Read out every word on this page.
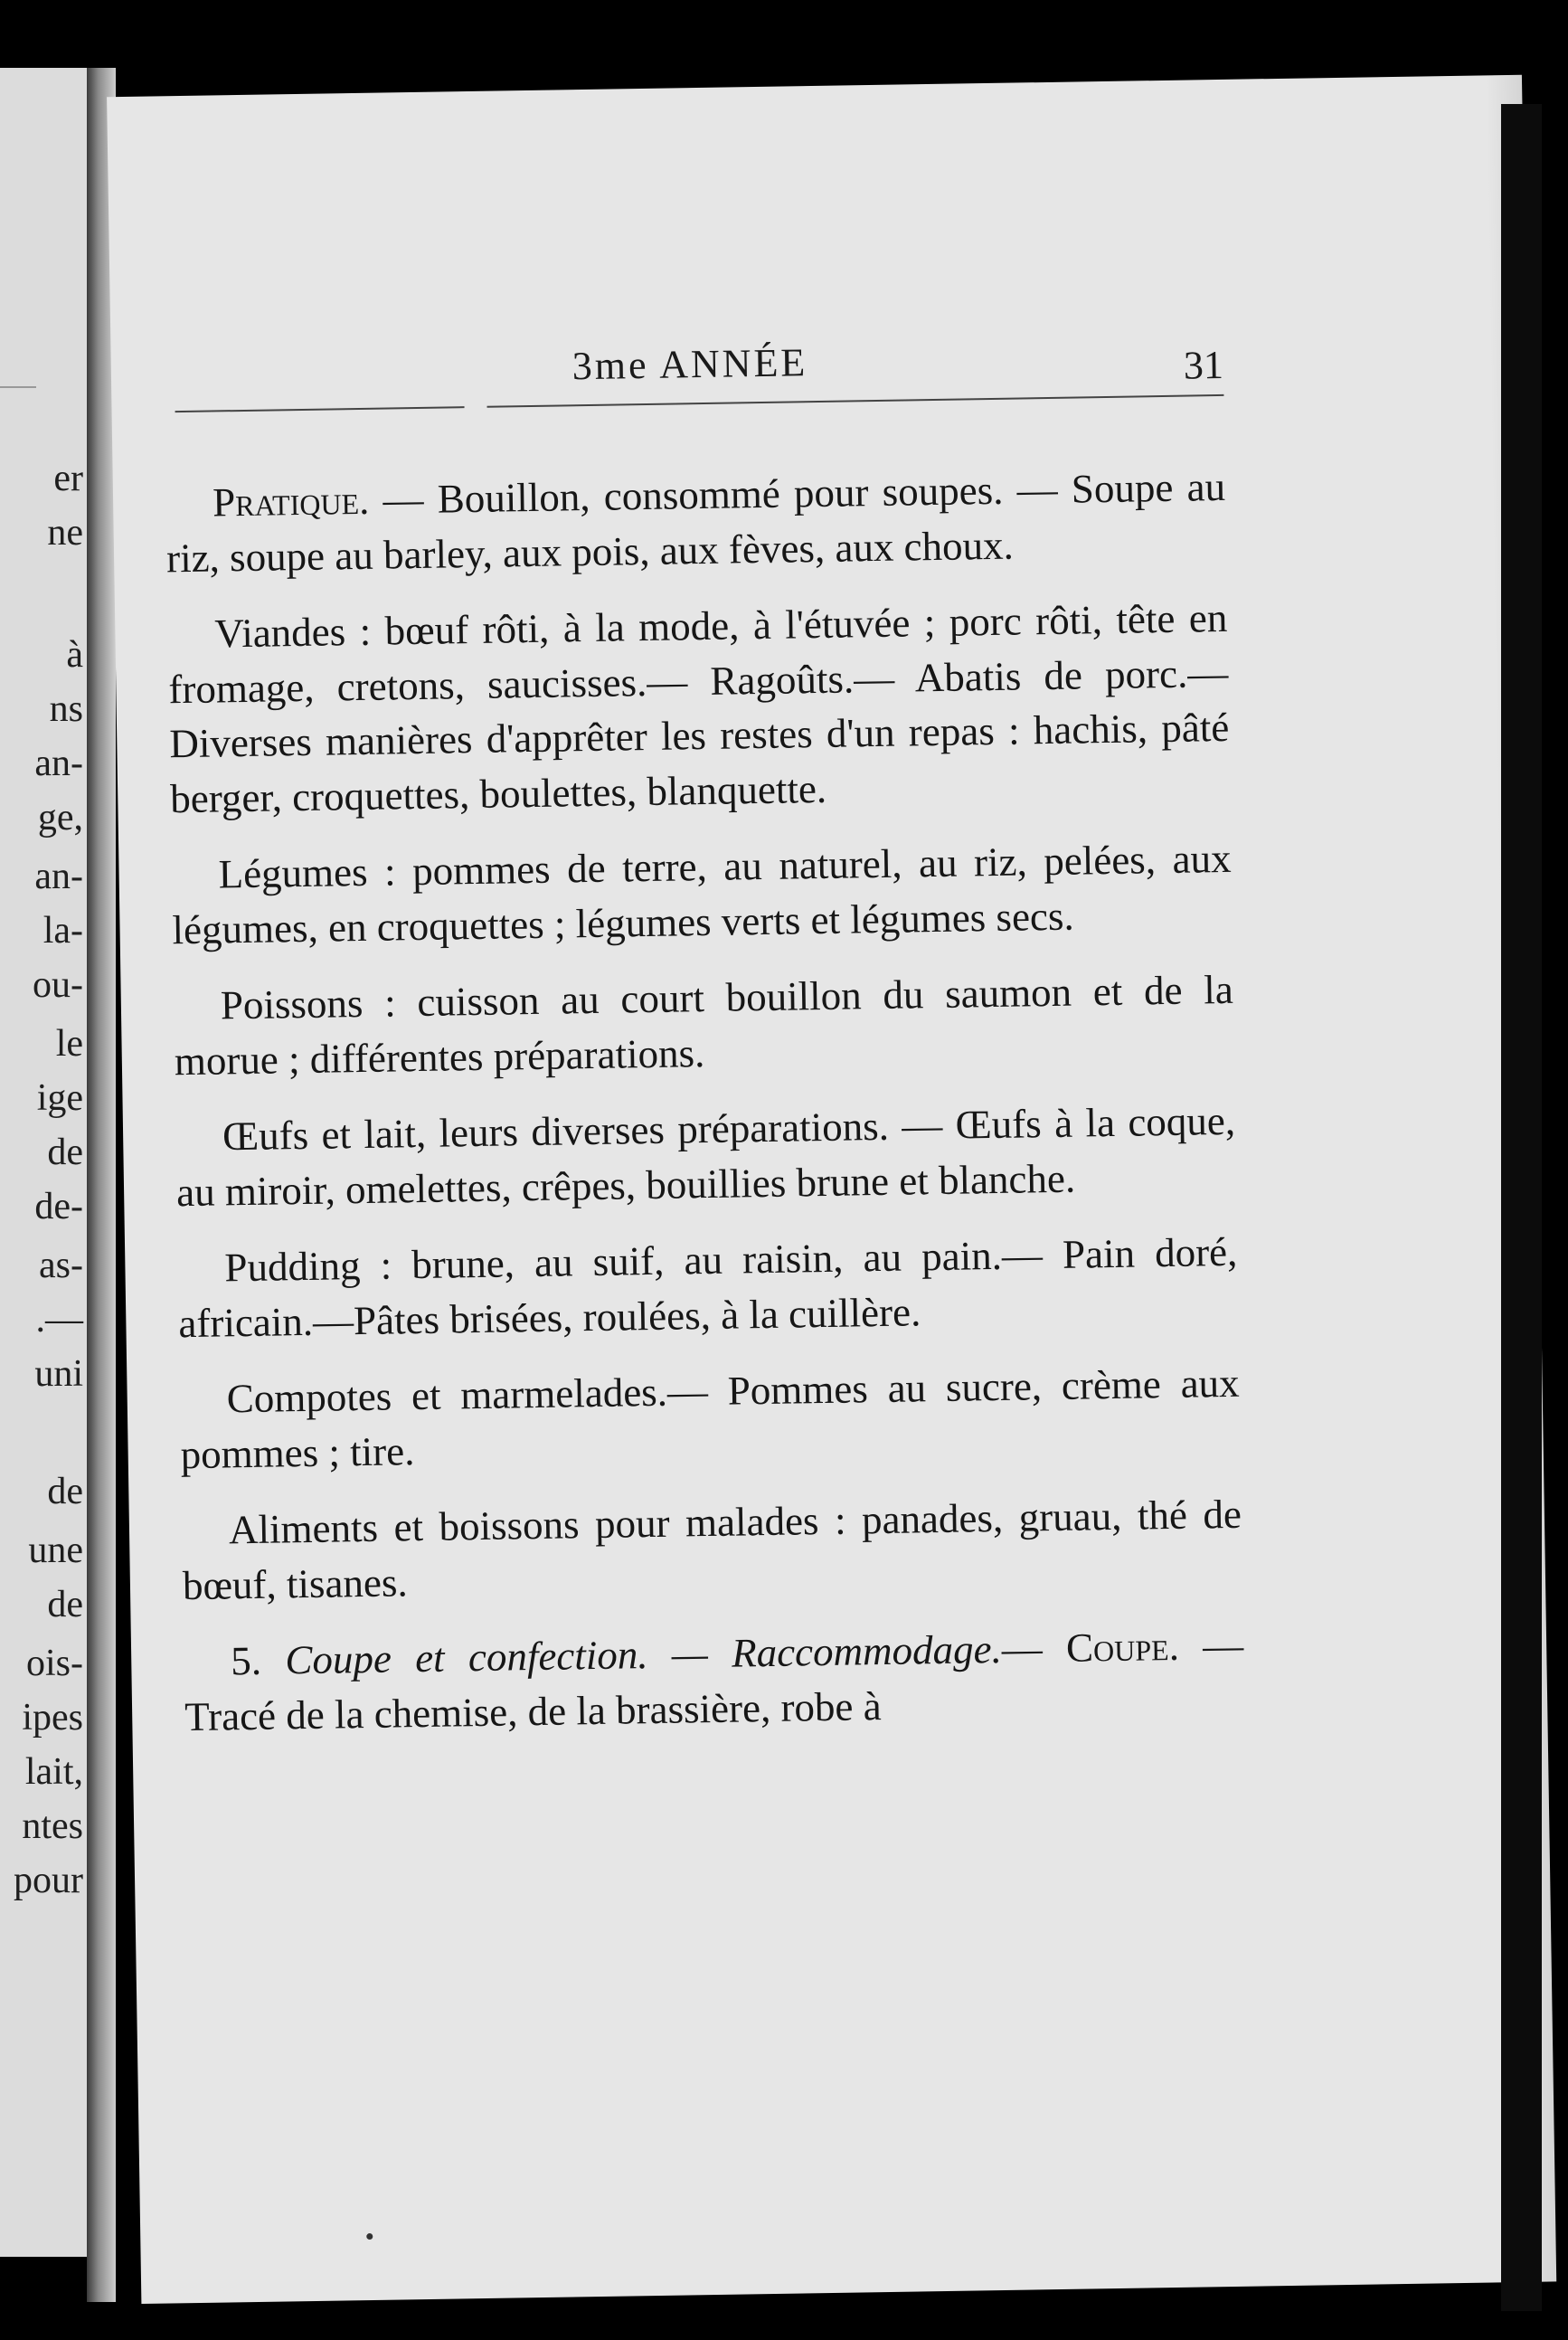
er
ne
à
ns
an-
ge,
an-
la-
ou-
le
ige
de
de-
as-
.—
uni
de
une
de
ois-
ipes
lait,
ntes
pour
3me ANNÉE	31

Pratique. — Bouillon, consommé pour soupes. — Soupe au riz, soupe au barley, aux pois, aux fèves, aux choux.

Viandes : bœuf rôti, à la mode, à l'étuvée ; porc rôti, tête en fromage, cretons, saucisses.— Ragoûts.— Abatis de porc.— Diverses manières d'apprêter les restes d'un repas : hachis, pâté berger, croquettes, boulettes, blanquette.

Légumes : pommes de terre, au naturel, au riz, pelées, aux légumes, en croquettes ; légumes verts et légumes secs.

Poissons : cuisson au court bouillon du saumon et de la morue ; différentes préparations.

Œufs et lait, leurs diverses préparations. — Œufs à la coque, au miroir, omelettes, crêpes, bouillies brune et blanche.

Pudding : brune, au suif, au raisin, au pain.— Pain doré, africain.—Pâtes brisées, roulées, à la cuillère.

Compotes et marmelades.— Pommes au sucre, crème aux pommes ; tire.

Aliments et boissons pour malades : panades, gruau, thé de bœuf, tisanes.

5. Coupe et confection. — Raccommodage.— Coupe. — Tracé de la chemise, de la brassière, robe à
